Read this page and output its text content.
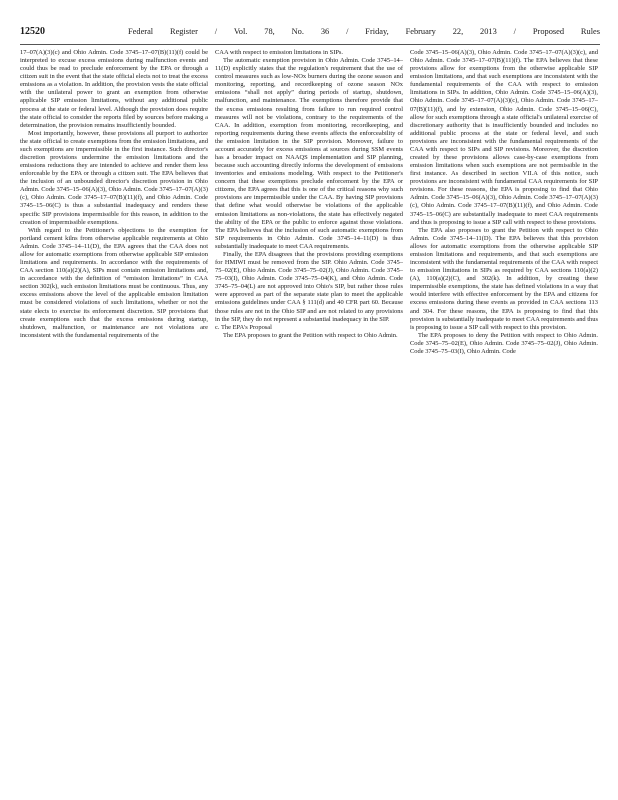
12520	Federal Register / Vol. 78, No. 36 / Friday, February 22, 2013 / Proposed Rules

17–07(A)(3)(c) and Ohio Admin. Code 3745–17–07(B)(11)(f) could be interpreted to excuse excess emissions during malfunction events and could thus be read to preclude enforcement by the EPA or through a citizen suit in the event that the state official elects not to treat the excess emissions as a violation. In addition, the provision vests the state official with the unilateral power to grant an exemption from otherwise applicable SIP emission limitations, without any additional public process at the state or federal level. Although the provision does require the state official to consider the reports filed by sources before making a determination, the provision remains insufficiently bounded.

Most importantly, however, these provisions all purport to authorize the state official to create exemptions from the emission limitations, and such exemptions are impermissible in the first instance. Such director's discretion provisions undermine the emission limitations and the emissions reductions they are intended to achieve and render them less enforceable by the EPA or through a citizen suit. The EPA believes that the inclusion of an unbounded director's discretion provision in Ohio Admin. Code 3745–15–06(A)(3), Ohio Admin. Code 3745–17–07(A)(3)(c), Ohio Admin. Code 3745–17–07(B)(11)(f), and Ohio Admin. Code 3745–15–06(C) is thus a substantial inadequacy and renders these specific SIP provisions impermissible for this reason, in addition to the creation of impermissible exemptions.

With regard to the Petitioner's objections to the exemption for portland cement kilns from otherwise applicable requirements at Ohio Admin. Code 3745–14–11(D), the EPA agrees that the CAA does not allow for automatic exemptions from otherwise applicable SIP emission limitations and requirements. In accordance with the requirements of CAA section 110(a)(2)(A), SIPs must contain emission limitations and, in accordance with the definition of “emission limitations” in CAA section 302(k), such emission limitations must be continuous. Thus, any excess emissions above the level of the applicable emission limitation must be considered violations of such limitations, whether or not the state elects to exercise its enforcement discretion. SIP provisions that create exemptions such that the excess emissions during startup, shutdown, malfunction, or maintenance are not violations are inconsistent with the fundamental requirements of the

CAA with respect to emission limitations in SIPs.

The automatic exemption provision in Ohio Admin. Code 3745–14–11(D) explicitly states that the regulation's requirement that the use of control measures such as low-NOx burners during the ozone season and monitoring, reporting, and recordkeeping of ozone season NOx emissions “shall not apply” during periods of startup, shutdown, malfunction, and maintenance. The exemptions therefore provide that the excess emissions resulting from failure to run required control measures will not be violations, contrary to the requirements of the CAA. In addition, exemption from monitoring, recordkeeping, and reporting requirements during these events affects the enforceability of the emission limitation in the SIP provision. Moreover, failure to account accurately for excess emissions at sources during SSM events has a broader impact on NAAQS implementation and SIP planning, because such accounting directly informs the development of emissions inventories and emissions modeling. With respect to the Petitioner's concern that these exemptions preclude enforcement by the EPA or citizens, the EPA agrees that this is one of the critical reasons why such provisions are impermissible under the CAA. By having SIP provisions that define what would otherwise be violations of the applicable emission limitations as non-violations, the state has effectively negated the ability of the EPA or the public to enforce against those violations. The EPA believes that the inclusion of such automatic exemptions from SIP requirements in Ohio Admin. Code 3745–14–11(D) is thus substantially inadequate to meet CAA requirements.

Finally, the EPA disagrees that the provisions providing exemptions for HMIWI must be removed from the SIP. Ohio Admin. Code 3745–75–02(E), Ohio Admin. Code 3745–75–02(J), Ohio Admin. Code 3745–75–03(I), Ohio Admin. Code 3745–75–04(K), and Ohio Admin. Code 3745–75–04(L) are not approved into Ohio's SIP, but rather those rules were approved as part of the separate state plan to meet the applicable emissions guidelines under CAA § 111(d) and 40 CFR part 60. Because those rules are not in the Ohio SIP and are not related to any provisions in the SIP, they do not represent a substantial inadequacy in the SIP.

c. The EPA's Proposal

The EPA proposes to grant the Petition with respect to Ohio Admin.

Code 3745–15–06(A)(3), Ohio Admin. Code 3745–17–07(A)(3)(c), and Ohio Admin. Code 3745–17–07(B)(11)(f). The EPA believes that these provisions allow for exemptions from the otherwise applicable SIP emission limitations, and that such exemptions are inconsistent with the fundamental requirements of the CAA with respect to emission limitations in SIPs. In addition, Ohio Admin. Code 3745–15–06(A)(3), Ohio Admin. Code 3745–17–07(A)(3)(c), Ohio Admin. Code 3745–17–07(B)(11)(f), and by extension, Ohio Admin. Code 3745–15–06(C), allow for such exemptions through a state official's unilateral exercise of discretionary authority that is insufficiently bounded and includes no additional public process at the state or federal level, and such provisions are inconsistent with the fundamental requirements of the CAA with respect to SIPs and SIP revisions. Moreover, the discretion created by these provisions allows case-by-case exemptions from emission limitations when such exemptions are not permissible in the first instance. As described in section VII.A of this notice, such provisions are inconsistent with fundamental CAA requirements for SIP revisions. For these reasons, the EPA is proposing to find that Ohio Admin. Code 3745–15–06(A)(3), Ohio Admin. Code 3745–17–07(A)(3)(c), Ohio Admin. Code 3745–17–07(B)(11)(f), and Ohio Admin. Code 3745–15–06(C) are substantially inadequate to meet CAA requirements and thus is proposing to issue a SIP call with respect to these provisions.

The EPA also proposes to grant the Petition with respect to Ohio Admin. Code 3745–14–11(D). The EPA believes that this provision allows for automatic exemptions from the otherwise applicable SIP emission limitations and requirements, and that such exemptions are inconsistent with the fundamental requirements of the CAA with respect to emission limitations in SIPs as required by CAA sections 110(a)(2)(A), 110(a)(2)(C), and 302(k). In addition, by creating these impermissible exemptions, the state has defined violations in a way that would interfere with effective enforcement by the EPA and citizens for excess emissions during these events as provided in CAA sections 113 and 304. For these reasons, the EPA is proposing to find that this provision is substantially inadequate to meet CAA requirements and thus is proposing to issue a SIP call with respect to this provision.

The EPA proposes to deny the Petition with respect to Ohio Admin. Code 3745–75–02(E), Ohio Admin. Code 3745–75–02(J), Ohio Admin. Code 3745–75–03(I), Ohio Admin. Code
